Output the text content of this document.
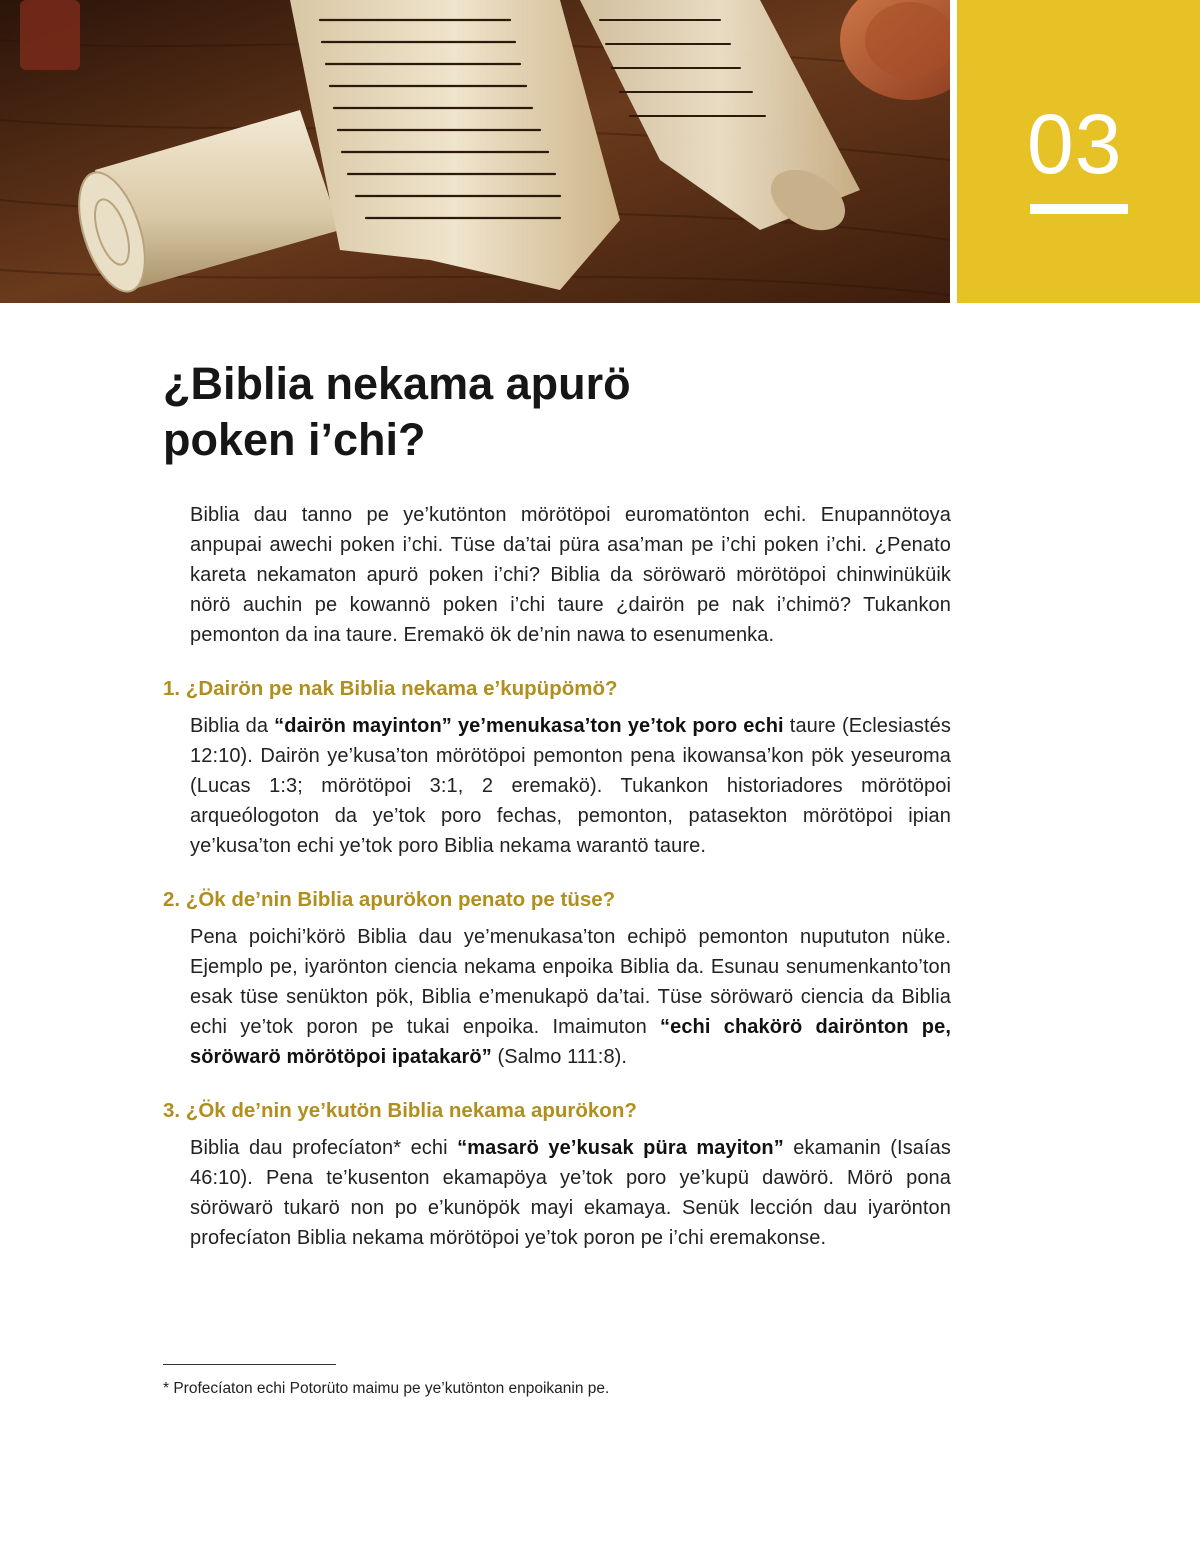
03
¿Biblia nekama apurö
poken i’chi?

Biblia dau tanno pe ye’kutönton mörötöpoi euromatönton echi. Enupannötoya anpupai awechi poken i’chi. Tüse da’tai püra asa’man pe i’chi poken i’chi. ¿Penato kareta nekamaton apurö poken i’chi? Biblia da söröwarö mörötöpoi chinwinüküik nörö auchin pe kowannö poken i’chi taure ¿dairön pe nak i’chimö? Tukankon pemonton da ina taure. Eremakö ök de’nin nawa to esenumenka.

1. ¿Dairön pe nak Biblia nekama e’kupüpömö?

Biblia da “dairön mayinton” ye’menukasa’ton ye’tok poro echi taure (Eclesiastés 12:10). Dairön ye’kusa’ton mörötöpoi pemonton pena ikowansa’kon pök yeseuroma (Lucas 1:3; mörötöpoi 3:1, 2 eremakö). Tukankon historiadores mörötöpoi arqueólogoton da ye’tok poro fechas, pemonton, patasekton mörötöpoi ipian ye’kusa’ton echi ye’tok poro Biblia nekama warantö taure.

2. ¿Ök de’nin Biblia apurökon penato pe tüse?

Pena poichi’körö Biblia dau ye’menukasa’ton echipö pemonton nupututon nüke. Ejemplo pe, iyarönton ciencia nekama enpoika Biblia da. Esunau senumenkanto’ton esak tüse senükton pök, Biblia e’menukapö da’tai. Tüse söröwarö ciencia da Biblia echi ye’tok poron pe tukai enpoika. Imaimuton “echi chakörö dairönton pe, söröwarö mörötöpoi ipatakarö” (Salmo 111:8).

3. ¿Ök de’nin ye’kutön Biblia nekama apurökon?

Biblia dau profecíaton* echi “masarö ye’kusak püra mayiton” ekamanin (Isaías 46:10). Pena te’kusenton ekamapöya ye’tok poro ye’kupü dawörö. Mörö pona söröwarö tukarö non po e’kunöpök mayi ekamaya. Senük lección dau iyarönton profecíaton Biblia nekama mörötöpoi ye’tok poron pe i’chi eremakonse.

* Profecíaton echi Potorüto maimu pe ye’kutönton enpoikanin pe.
